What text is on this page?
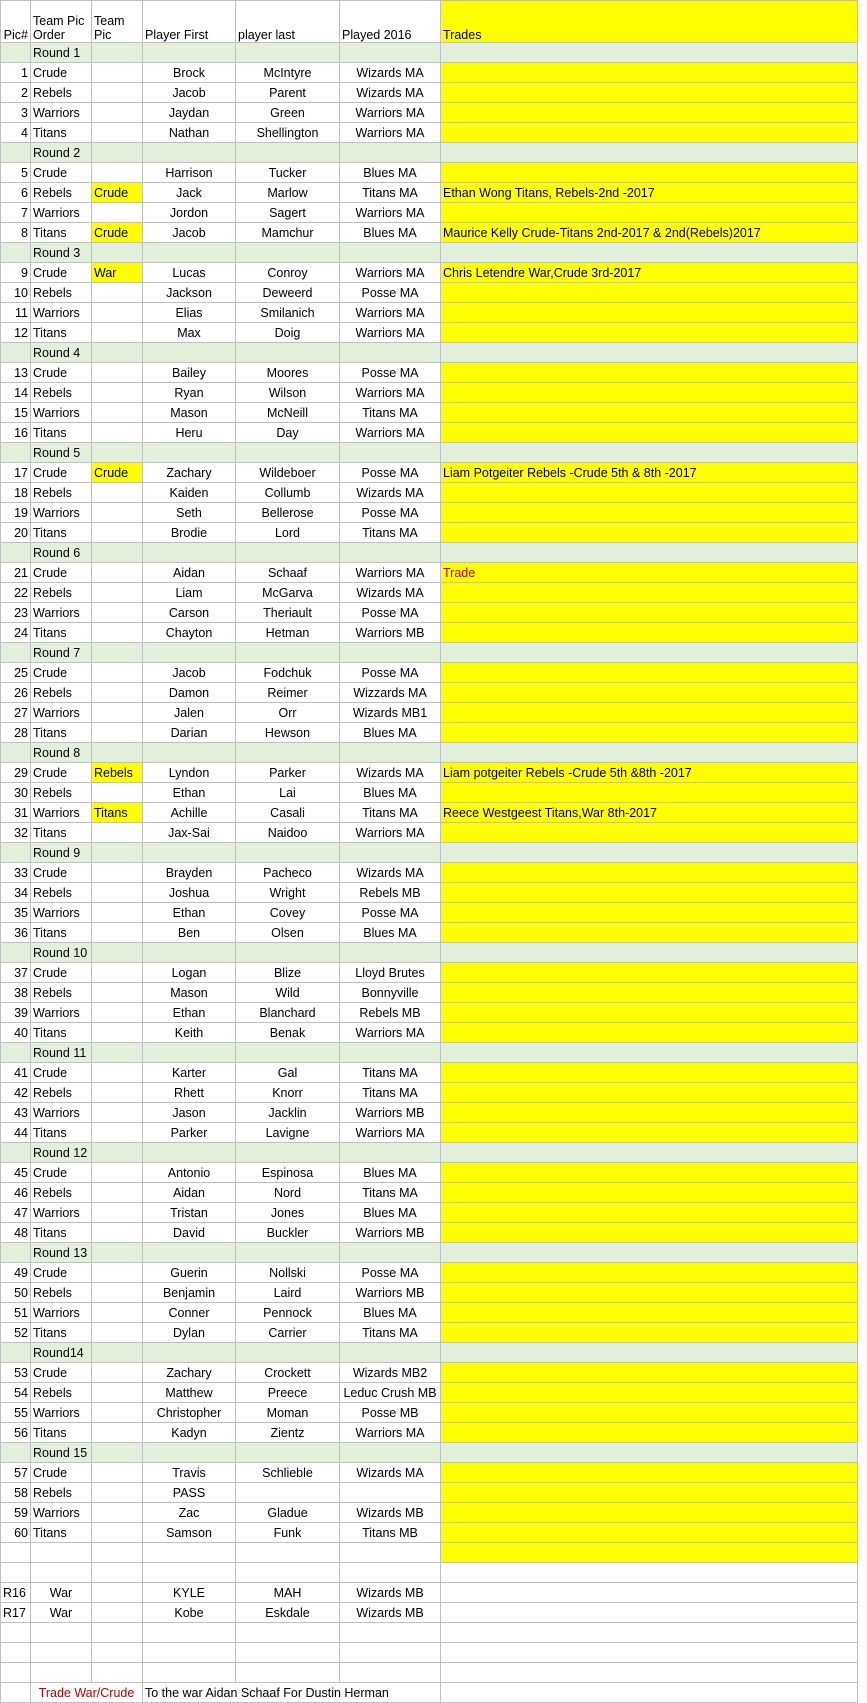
Pic#	Team Pic Order	Team Pic	Player First	player last	Played 2016	Trades
	Round 1					
1	Crude		Brock	McIntyre	Wizards MA	
2	Rebels		Jacob	Parent	Wizards MA	
3	Warriors		Jaydan	Green	Warriors MA	
4	Titans		Nathan	Shellington	Warriors MA	
	Round 2					
5	Crude		Harrison	Tucker	Blues MA	
6	Rebels	Crude	Jack	Marlow	Titans MA	Ethan Wong Titans, Rebels-2nd -2017
7	Warriors		Jordon	Sagert	Warriors MA	
8	Titans	Crude	Jacob	Mamchur	Blues MA	Maurice Kelly Crude-Titans 2nd-2017 & 2nd(Rebels)2017
	Round 3					
9	Crude	War	Lucas	Conroy	Warriors MA	Chris Letendre War,Crude 3rd-2017
10	Rebels		Jackson	Deweerd	Posse MA	
11	Warriors		Elias	Smilanich	Warriors MA	
12	Titans		Max	Doig	Warriors MA	
	Round 4					
13	Crude		Bailey	Moores	Posse MA	
14	Rebels		Ryan	Wilson	Warriors MA	
15	Warriors		Mason	McNeill	Titans MA	
16	Titans		Heru	Day	Warriors MA	
	Round 5					
17	Crude	Crude	Zachary	Wildeboer	Posse MA	Liam Potgeiter Rebels -Crude 5th & 8th -2017
18	Rebels		Kaiden	Collumb	Wizards MA	
19	Warriors		Seth	Bellerose	Posse MA	
20	Titans		Brodie	Lord	Titans MA	
	Round 6					
21	Crude		Aidan	Schaaf	Warriors MA	Trade
22	Rebels		Liam	McGarva	Wizards MA	
23	Warriors		Carson	Theriault	Posse MA	
24	Titans		Chayton	Hetman	Warriors MB	
	Round 7					
25	Crude		Jacob	Fodchuk	Posse MA	
26	Rebels		Damon	Reimer	Wizzards MA	
27	Warriors		Jalen	Orr	Wizards MB1	
28	Titans		Darian	Hewson	Blues MA	
	Round 8					
29	Crude	Rebels	Lyndon	Parker	Wizards MA	Liam potgeiter Rebels -Crude 5th &8th -2017
30	Rebels		Ethan	Lai	Blues MA	
31	Warriors	Titans	Achille	Casali	Titans MA	Reece Westgeest Titans,War 8th-2017
32	Titans		Jax-Sai	Naidoo	Warriors MA	
	Round 9					
33	Crude		Brayden	Pacheco	Wizards MA	
34	Rebels		Joshua	Wright	Rebels MB	
35	Warriors		Ethan	Covey	Posse MA	
36	Titans		Ben	Olsen	Blues MA	
	Round 10					
37	Crude		Logan	Blize	Lloyd Brutes	
38	Rebels		Mason	Wild	Bonnyville	
39	Warriors		Ethan	Blanchard	Rebels MB	
40	Titans		Keith	Benak	Warriors MA	
	Round 11					
41	Crude		Karter	Gal	Titans MA	
42	Rebels		Rhett	Knorr	Titans MA	
43	Warriors		Jason	Jacklin	Warriors MB	
44	Titans		Parker	Lavigne	Warriors MA	
	Round 12					
45	Crude		Antonio	Espinosa	Blues MA	
46	Rebels		Aidan	Nord	Titans MA	
47	Warriors		Tristan	Jones	Blues MA	
48	Titans		David	Buckler	Warriors MB	
	Round 13					
49	Crude		Guerin	Nollski	Posse MA	
50	Rebels		Benjamin	Laird	Warriors MB	
51	Warriors		Conner	Pennock	Blues MA	
52	Titans		Dylan	Carrier	Titans MA	
	Round14					
53	Crude		Zachary	Crockett	Wizards MB2	
54	Rebels		Matthew	Preece	Leduc Crush MB	
55	Warriors		Christopher	Moman	Posse MB	
56	Titans		Kadyn	Zientz	Warriors MA	
	Round 15					
57	Crude		Travis	Schlieble	Wizards MA	
58	Rebels		PASS			
59	Warriors		Zac	Gladue	Wizards MB	
60	Titans		Samson	Funk	Titans MB	

R16	War		KYLE	MAH	Wizards MB	
R17	War		Kobe	Eskdale	Wizards MB	

	Trade War/Crude		To the war Aidan Schaaf For Dustin Herman			
